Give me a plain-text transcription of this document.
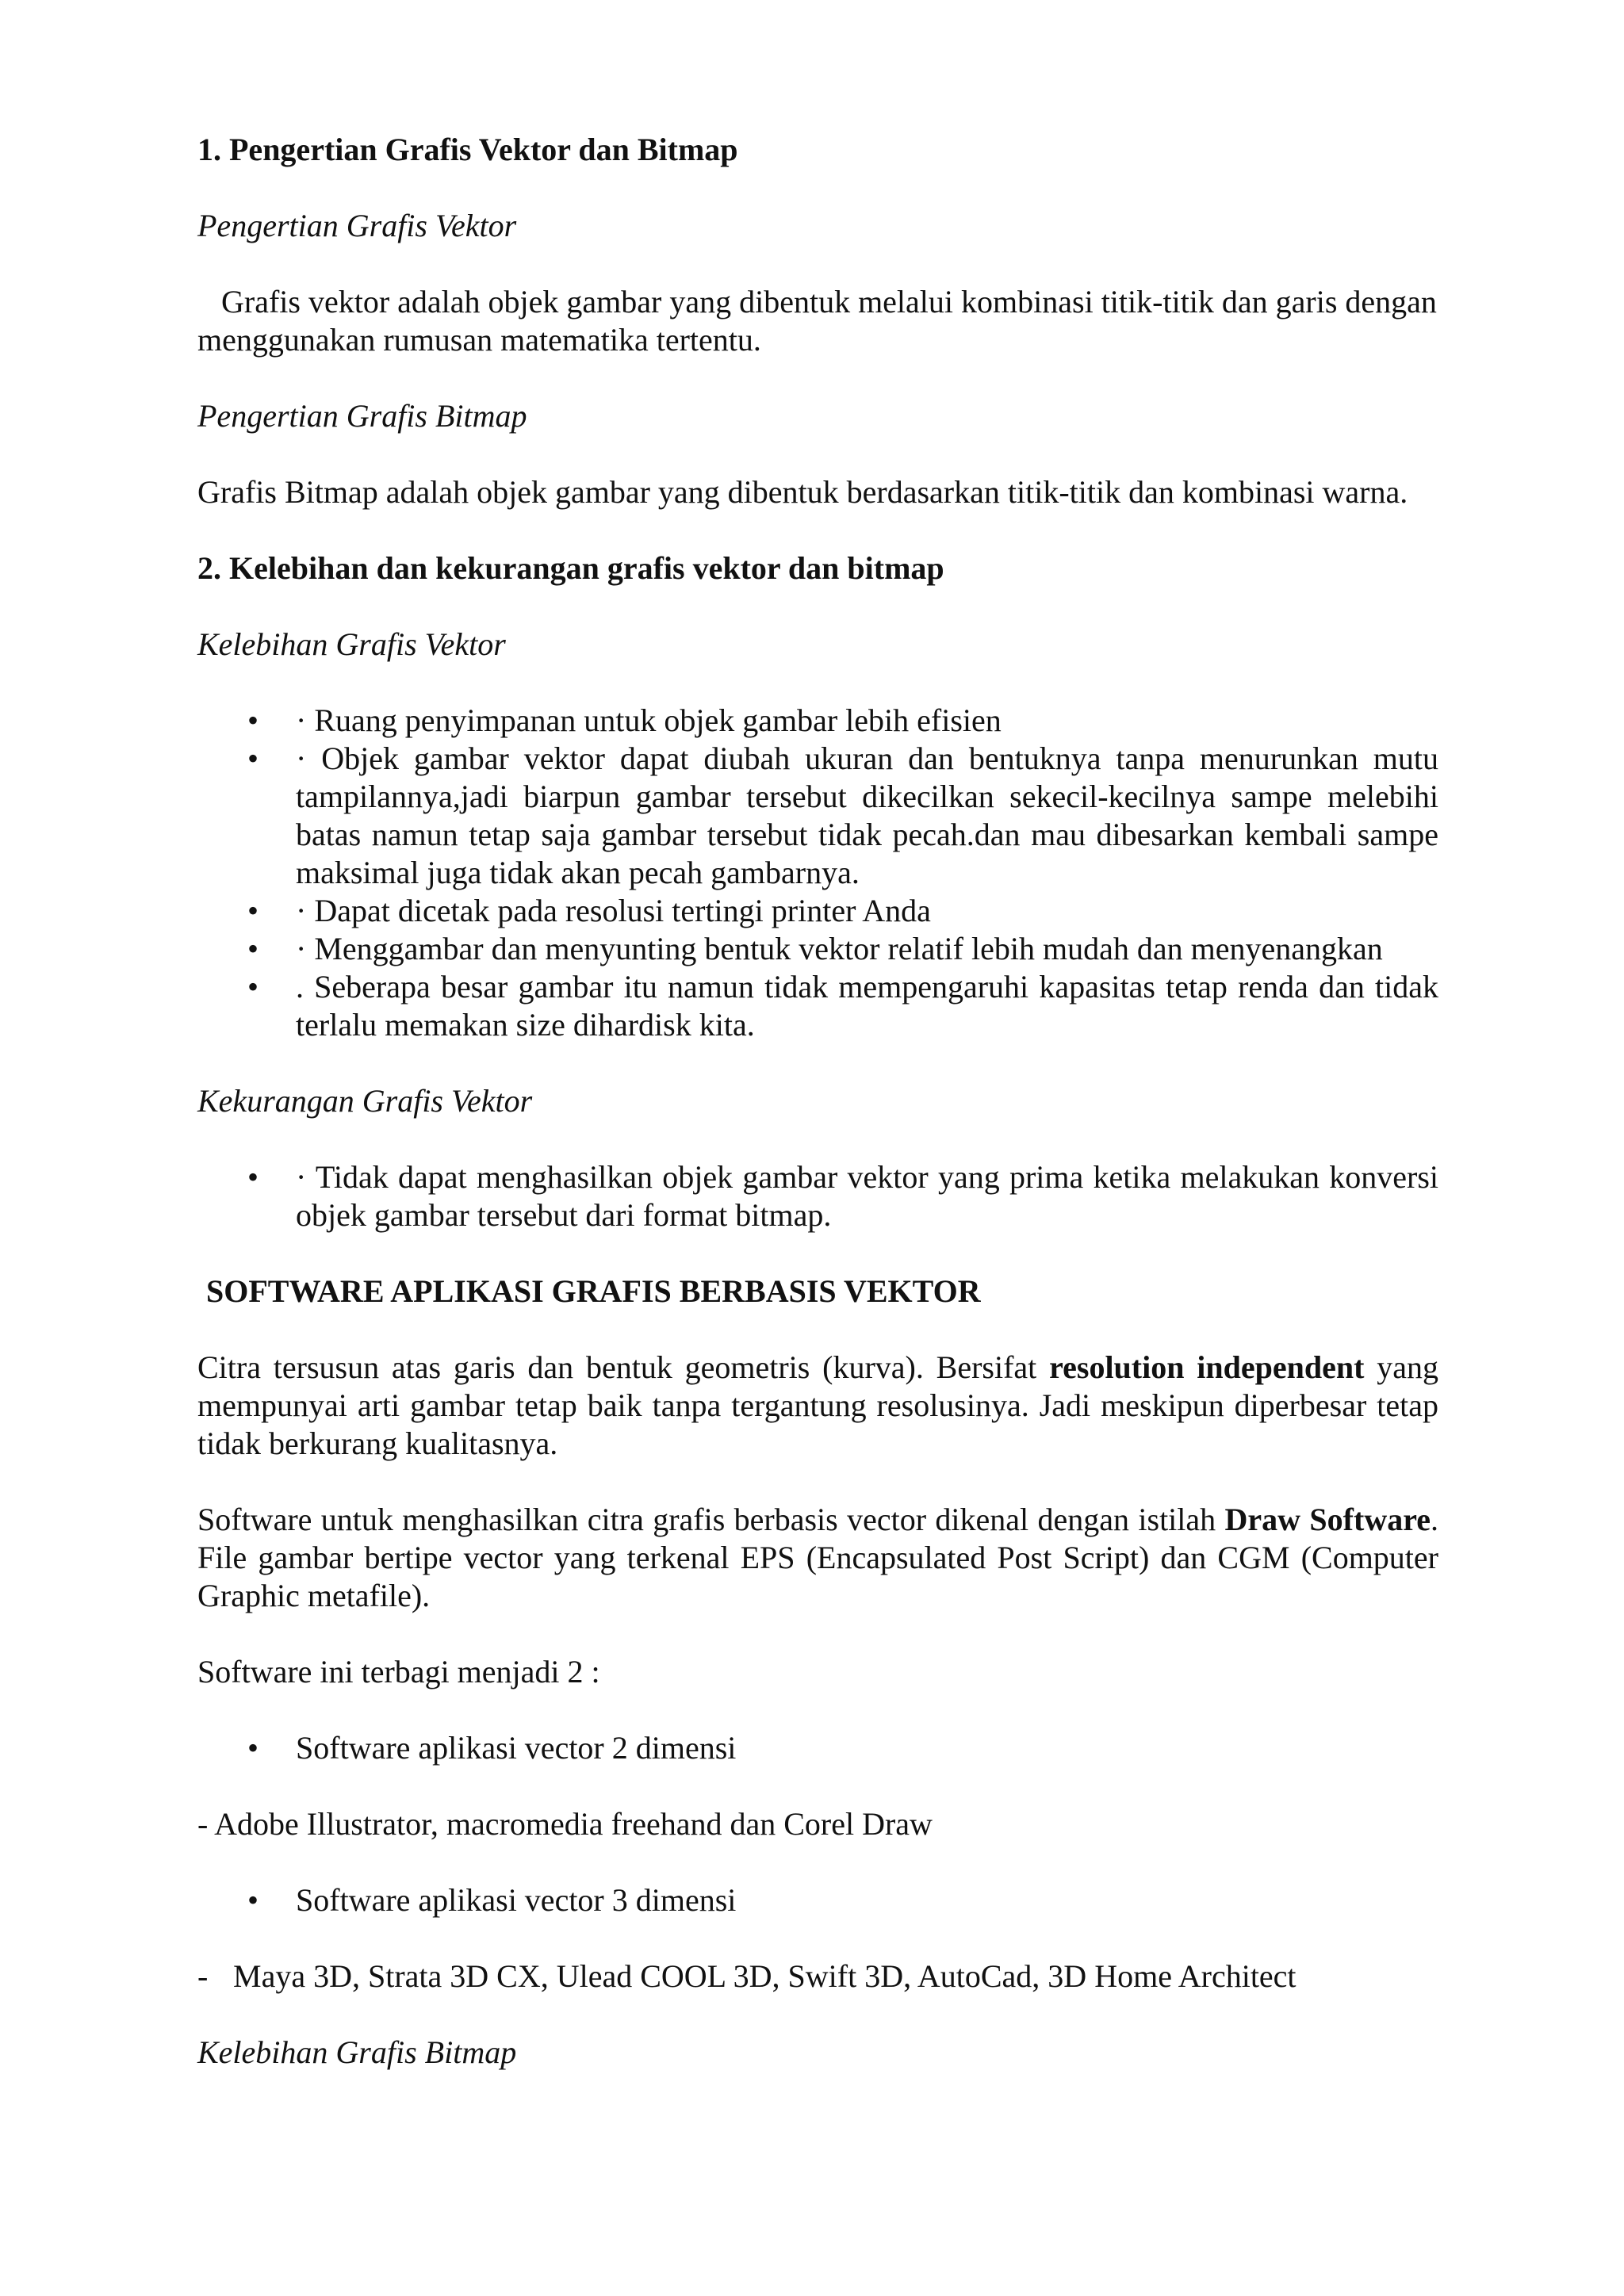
1. Pengertian Grafis Vektor dan Bitmap

Pengertian Grafis Vektor

Grafis vektor adalah objek gambar yang dibentuk melalui kombinasi titik-titik dan garis dengan menggunakan rumusan matematika tertentu.

Pengertian Grafis Bitmap

Grafis Bitmap adalah objek gambar yang dibentuk berdasarkan titik-titik dan kombinasi warna.

2. Kelebihan dan kekurangan grafis vektor dan bitmap

Kelebihan Grafis Vektor

• · Ruang penyimpanan untuk objek gambar lebih efisien
• · Objek gambar vektor dapat diubah ukuran dan bentuknya tanpa menurunkan mutu tampilannya,jadi biarpun gambar tersebut dikecilkan sekecil-kecilnya sampe melebihi batas namun tetap saja gambar tersebut tidak pecah.dan mau dibesarkan kembali sampe maksimal juga tidak akan pecah gambarnya.
• · Dapat dicetak pada resolusi tertingi printer Anda
• · Menggambar dan menyunting bentuk vektor relatif lebih mudah dan menyenangkan
• . Seberapa besar gambar itu namun tidak mempengaruhi kapasitas tetap renda dan tidak terlalu memakan size dihardisk kita.

Kekurangan Grafis Vektor

• · Tidak dapat menghasilkan objek gambar vektor yang prima ketika melakukan konversi objek gambar tersebut dari format bitmap.

SOFTWARE APLIKASI GRAFIS BERBASIS VEKTOR

Citra tersusun atas garis dan bentuk geometris (kurva). Bersifat resolution independent yang mempunyai arti gambar tetap baik tanpa tergantung resolusinya. Jadi meskipun diperbesar tetap tidak berkurang kualitasnya.

Software untuk menghasilkan citra grafis berbasis vector dikenal dengan istilah Draw Software. File gambar bertipe vector yang terkenal EPS (Encapsulated Post Script) dan CGM (Computer Graphic metafile).

Software ini terbagi menjadi 2 :

• Software aplikasi vector 2 dimensi

- Adobe Illustrator, macromedia freehand dan Corel Draw

• Software aplikasi vector 3 dimensi

- Maya 3D, Strata 3D CX, Ulead COOL 3D, Swift 3D, AutoCad, 3D Home Architect

Kelebihan Grafis Bitmap
